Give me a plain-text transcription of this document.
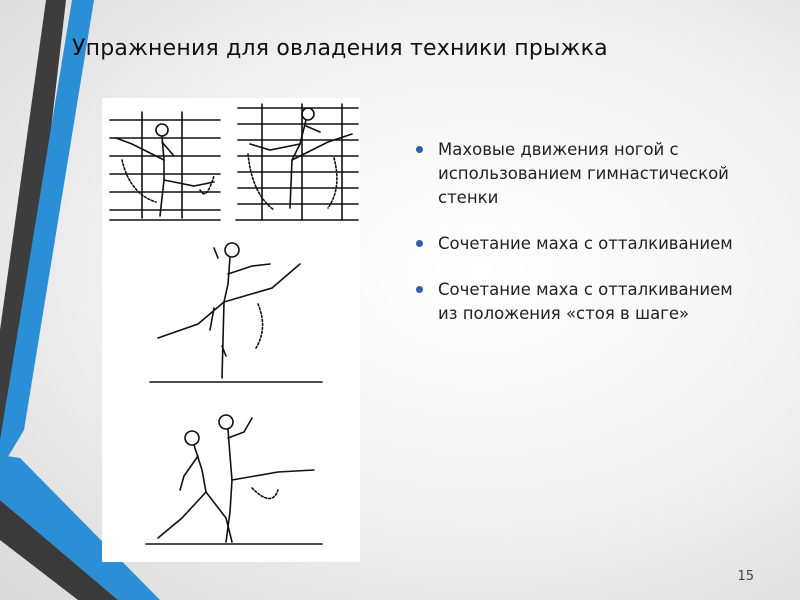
Упражнения для овладения техники прыжка
Маховые движения ногой с использованием гимнастической стенки
Сочетание маха с отталкиванием
Сочетание маха с отталкиванием из положения «стоя в шаге»
15
